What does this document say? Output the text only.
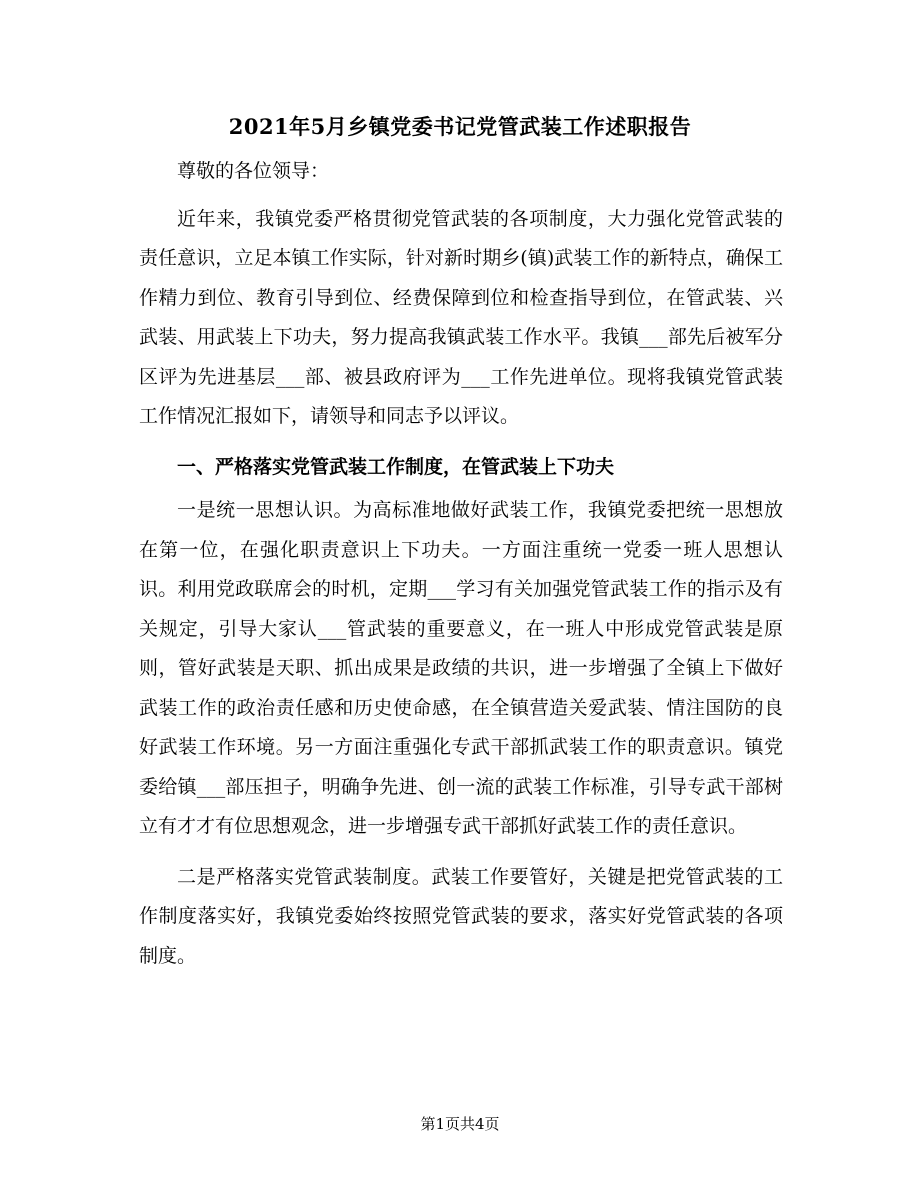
2021年5月乡镇党委书记党管武装工作述职报告

尊敬的各位领导：

近年来，我镇党委严格贯彻党管武装的各项制度，大力强化党管武装的责任意识，立足本镇工作实际，针对新时期乡(镇)武装工作的新特点，确保工作精力到位、教育引导到位、经费保障到位和检查指导到位，在管武装、兴武装、用武装上下功夫，努力提高我镇武装工作水平。我镇___部先后被军分区评为先进基层___部、被县政府评为___工作先进单位。现将我镇党管武装工作情况汇报如下，请领导和同志予以评议。

一、严格落实党管武装工作制度，在管武装上下功夫

一是统一思想认识。为高标准地做好武装工作，我镇党委把统一思想放在第一位，在强化职责意识上下功夫。一方面注重统一党委一班人思想认识。利用党政联席会的时机，定期___学习有关加强党管武装工作的指示及有关规定，引导大家认___管武装的重要意义，在一班人中形成党管武装是原则，管好武装是天职、抓出成果是政绩的共识，进一步增强了全镇上下做好武装工作的政治责任感和历史使命感，在全镇营造关爱武装、情注国防的良好武装工作环境。另一方面注重强化专武干部抓武装工作的职责意识。镇党委给镇___部压担子，明确争先进、创一流的武装工作标准，引导专武干部树立有才才有位思想观念，进一步增强专武干部抓好武装工作的责任意识。

二是严格落实党管武装制度。武装工作要管好，关键是把党管武装的工作制度落实好，我镇党委始终按照党管武装的要求，落实好党管武装的各项制度。

第1页共4页
